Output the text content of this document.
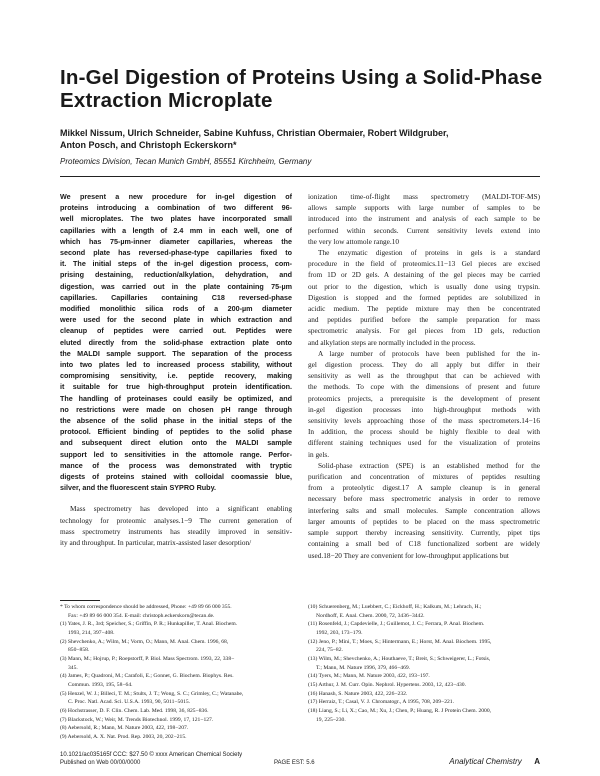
In-Gel Digestion of Proteins Using a Solid-Phase
Extraction Microplate
Mikkel Nissum, Ulrich Schneider, Sabine Kuhfuss, Christian Obermaier, Robert Wildgruber,
Anton Posch, and Christoph Eckerskorn*
Proteomics Division, Tecan Munich GmbH, 85551 Kirchheim, Germany
We present a new procedure for in-gel digestion of
proteins introducing a combination of two different 96-
well microplates. The two plates have incorporated small
capillaries with a length of 2.4 mm in each well, one of
which has 75-µm-inner diameter capillaries, whereas the
second plate has reversed-phase-type capillaries fixed to
it. The initial steps of the in-gel digestion process, com-
prising destaining, reduction/alkylation, dehydration, and
digestion, was carried out in the plate containing 75-µm
capillaries. Capillaries containing C18 reversed-phase
modified monolithic silica rods of a 200-µm diameter
were used for the second plate in which extraction and
cleanup of peptides were carried out. Peptides were
eluted directly from the solid-phase extraction plate onto
the MALDI sample support. The separation of the process
into two plates led to increased process stability, without
compromising sensitivity, i.e. peptide recovery, making
it suitable for true high-throughput protein identification.
The handling of proteinases could easily be optimized, and
no restrictions were made on chosen pH range through
the absence of the solid phase in the initial steps of the
protocol. Efficient binding of peptides to the solid phase
and subsequent direct elution onto the MALDI sample
support led to sensitivities in the attomole range. Perfor-
mance of the process was demonstrated with tryptic
digests of proteins stained with colloidal coomassie blue,
silver, and the fluorescent stain SYPRO Ruby.
Mass spectrometry has developed into a significant enabling
technology for proteomic analyses.1−9 The current generation of
mass spectrometry instruments has steadily improved in sensitiv-
ity and throughput. In particular, matrix-assisted laser desorption/
ionization time-of-flight mass spectrometry (MALDI-TOF-MS)
allows sample supports with large number of samples to be
introduced into the instrument and analysis of each sample to be
performed within seconds. Current sensitivity levels extend into
the very low attomole range.10
The enzymatic digestion of proteins in gels is a standard
procedure in the field of proteomics.11−13 Gel pieces are excised
from 1D or 2D gels. A destaining of the gel pieces may be carried
out prior to the digestion, which is usually done using trypsin.
Digestion is stopped and the formed peptides are solubilized in
acidic medium. The peptide mixture may then be concentrated
and peptides purified before the sample preparation for mass
spectrometric analysis. For gel pieces from 1D gels, reduction
and alkylation steps are normally included in the process.
A large number of protocols have been published for the in-
gel digestion process. They do all apply but differ in their
sensitivity as well as the throughput that can be achieved with
the methods. To cope with the dimensions of present and future
proteomics projects, a prerequisite is the development of present
in-gel digestion processes into high-throughput methods with
sensitivity levels approaching those of the mass spectrometers.14−16
In addition, the process should be highly flexible to deal with
different staining techniques used for the visualization of proteins
in gels.
Solid-phase extraction (SPE) is an established method for the
purification and concentration of mixtures of peptides resulting
from a proteolytic digest.17 A sample cleanup is in general
necessary before mass spectrometric analysis in order to remove
interfering salts and small molecules. Sample concentration allows
larger amounts of peptides to be placed on the mass spectrometric
sample support thereby increasing sensitivity. Currently, pipet tips
containing a small bed of C18 functionalized sorbent are widely
used.18−20 They are convenient for low-throughput applications but
* To whom correspondence should be addressed, Phone: +49 89 66 000 355.
Fax: +49 89 66 000 354. E-mail: christoph.eckerskorn@tecan.de.
(1) Yates, J. R., 3rd; Speicher, S.; Griffin, P. R.; Hunkapiller, T. Anal. Biochem.
1993, 214, 397−408.
(2) Shevchenko, A.; Wilm, M.; Vorm, O.; Mann, M. Anal. Chem. 1996, 68,
850−858.
(3) Mann, M.; Hojrup, P.; Roepstorff, P. Biol. Mass Spectrom. 1993, 22, 338−
345.
(4) James, P.; Quadroni, M.; Carafoli, E.; Gonnet, G. Biochem. Biophys. Res.
Commun. 1993, 195, 58−64.
(5) Henzel, W. J.; Billeci, T. M.; Stults, J. T.; Wong, S. C.; Grimley, C.; Watanabe,
C. Proc. Natl. Acad. Sci. U.S.A. 1993, 90, 5011−5015.
(6) Hochstrasser, D. F. Clin. Chem. Lab. Med. 1998, 36, 825−836.
(7) Blackstock, W.; Weir, M. Trends Biotechnol. 1999, 17, 121−127.
(8) Aebersold, R.; Mann, M. Nature 2003, 422, 198−207.
(9) Aebersold, A. X. Nat. Prod. Rep. 2003, 20, 202−215.
(10) Schuerenberg, M.; Luebbert, C.; Eickhoff, H.; Kalkum, M.; Lehrach, H.;
Nordhoff, E. Anal. Chem. 2000, 72, 3436−3442.
(11) Rosenfeld, J.; Capdevielle, J.; Guillemot, J. C.; Ferrara, P. Anal. Biochem.
1992, 203, 173−179.
(12) Jeno, P.; Mini, T.; Moes, S.; Hintermann, E.; Horst, M. Anal. Biochem. 1995,
224, 75−82.
(13) Wilm, M.; Shevchenko, A.; Houthaeve, T.; Breit, S.; Schweigerer, L.; Fotsis,
T.; Mann, M. Nature 1996, 379, 466−469.
(14) Tyers, M.; Mann, M. Nature 2003, 422, 193−197.
(15) Arthur, J. M. Curr. Opin. Nephrol. Hypertens. 2003, 12, 423−430.
(16) Hanash, S. Nature 2003, 422, 226−232.
(17) Herraiz, T.; Casal, V. J. Chromatogr., A 1995, 708, 209−221.
(18) Liang, S.; Li, X.; Cao, M.; Xu, J.; Chen, P.; Huang, R. J Protein Chem. 2000,
19, 225−230.
10.1021/ac035165f CCC: $27.50 © xxxx American Chemical Society
Published on Web 00/00/0000	PAGE EST: 5.6	Analytical Chemistry A
